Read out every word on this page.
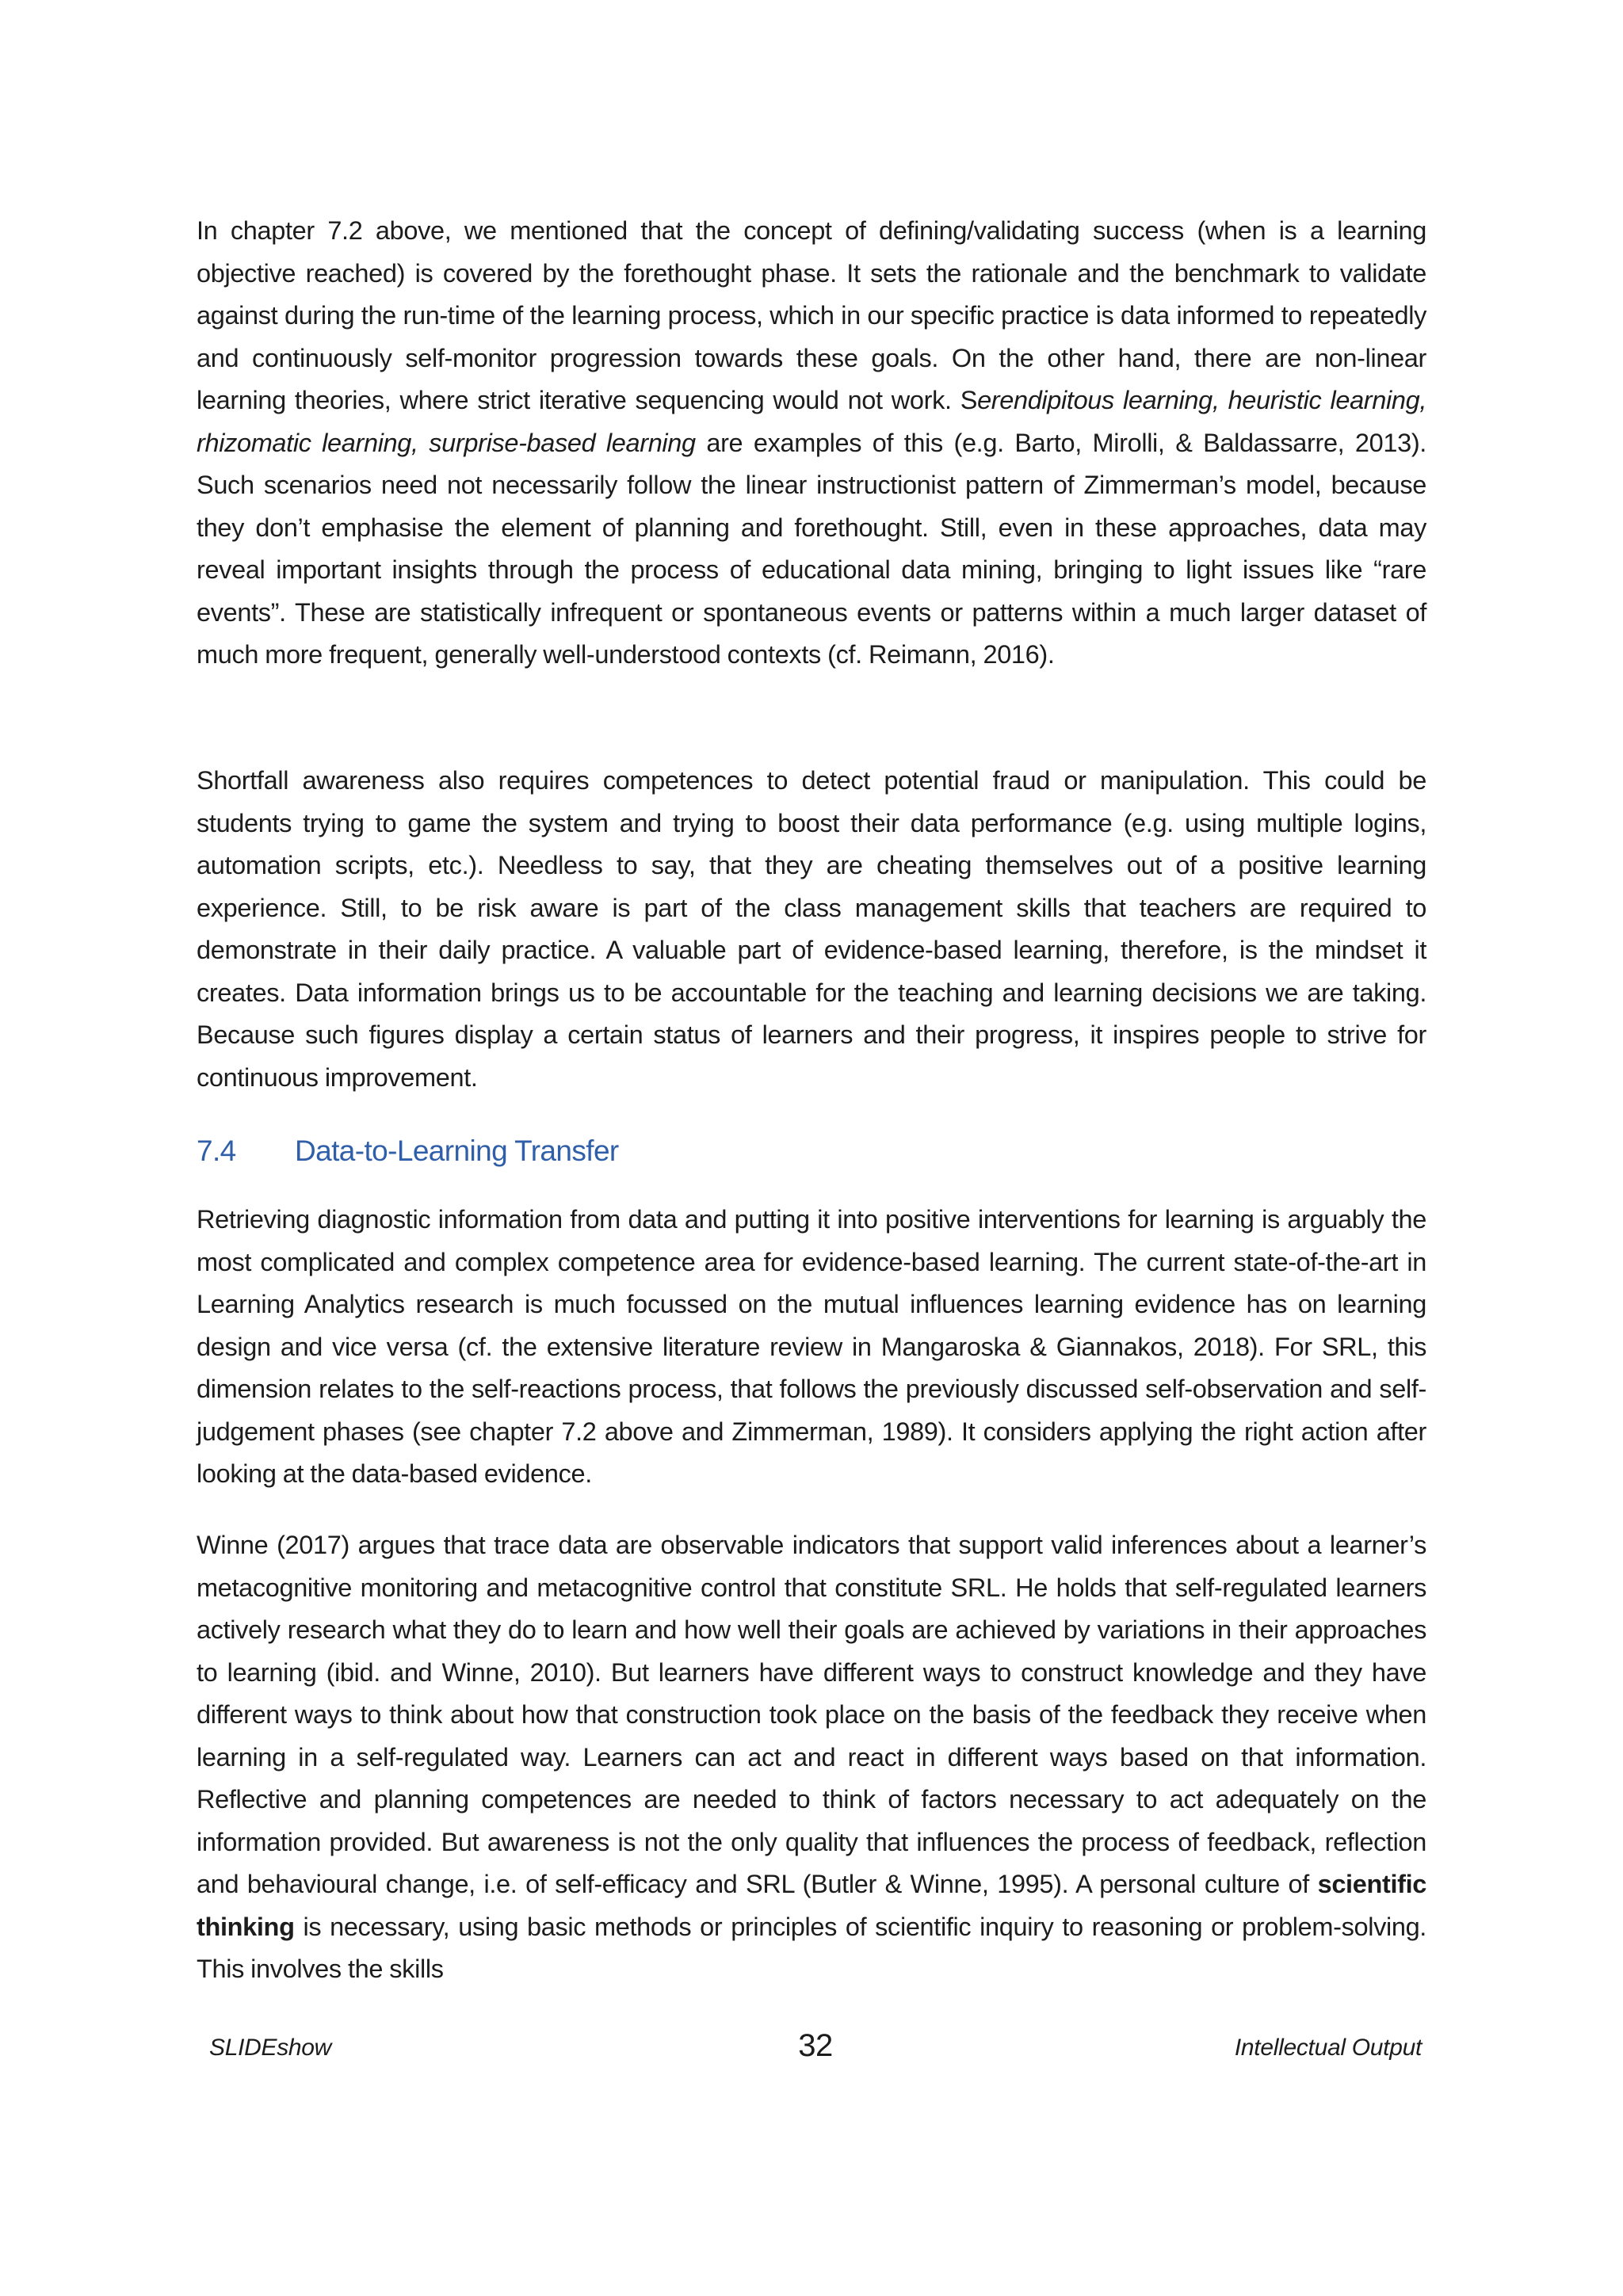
In chapter 7.2 above, we mentioned that the concept of defining/validating success (when is a learning objective reached) is covered by the forethought phase. It sets the rationale and the benchmark to validate against during the run-time of the learning process, which in our specific practice is data informed to repeatedly and continuously self-monitor progression towards these goals. On the other hand, there are non-linear learning theories, where strict iterative sequencing would not work. Serendipitous learning, heuristic learning, rhizomatic learning, surprise-based learning are examples of this (e.g. Barto, Mirolli, & Baldassarre, 2013). Such scenarios need not necessarily follow the linear instructionist pattern of Zimmerman’s model, because they don’t emphasise the element of planning and forethought. Still, even in these approaches, data may reveal important insights through the process of educational data mining, bringing to light issues like “rare events”. These are statistically infrequent or spontaneous events or patterns within a much larger dataset of much more frequent, generally well-understood contexts (cf. Reimann, 2016).

Shortfall awareness also requires competences to detect potential fraud or manipulation. This could be students trying to game the system and trying to boost their data performance (e.g. using multiple logins, automation scripts, etc.). Needless to say, that they are cheating themselves out of a positive learning experience. Still, to be risk aware is part of the class management skills that teachers are required to demonstrate in their daily practice. A valuable part of evidence-based learning, therefore, is the mindset it creates. Data information brings us to be accountable for the teaching and learning decisions we are taking. Because such figures display a certain status of learners and their progress, it inspires people to strive for continuous improvement.

7.4 Data-to-Learning Transfer

Retrieving diagnostic information from data and putting it into positive interventions for learning is arguably the most complicated and complex competence area for evidence-based learning. The current state-of-the-art in Learning Analytics research is much focussed on the mutual influences learning evidence has on learning design and vice versa (cf. the extensive literature review in Mangaroska & Giannakos, 2018). For SRL, this dimension relates to the self-reactions process, that follows the previously discussed self-observation and self-judgement phases (see chapter 7.2 above and Zimmerman, 1989). It considers applying the right action after looking at the data-based evidence.

Winne (2017) argues that trace data are observable indicators that support valid inferences about a learner’s metacognitive monitoring and metacognitive control that constitute SRL. He holds that self-regulated learners actively research what they do to learn and how well their goals are achieved by variations in their approaches to learning (ibid. and Winne, 2010). But learners have different ways to construct knowledge and they have different ways to think about how that construction took place on the basis of the feedback they receive when learning in a self-regulated way. Learners can act and react in different ways based on that information. Reflective and planning competences are needed to think of factors necessary to act adequately on the information provided. But awareness is not the only quality that influences the process of feedback, reflection and behavioural change, i.e. of self-efficacy and SRL (Butler & Winne, 1995). A personal culture of scientific thinking is necessary, using basic methods or principles of scientific inquiry to reasoning or problem-solving. This involves the skills

SLIDEshow	32	Intellectual Output
